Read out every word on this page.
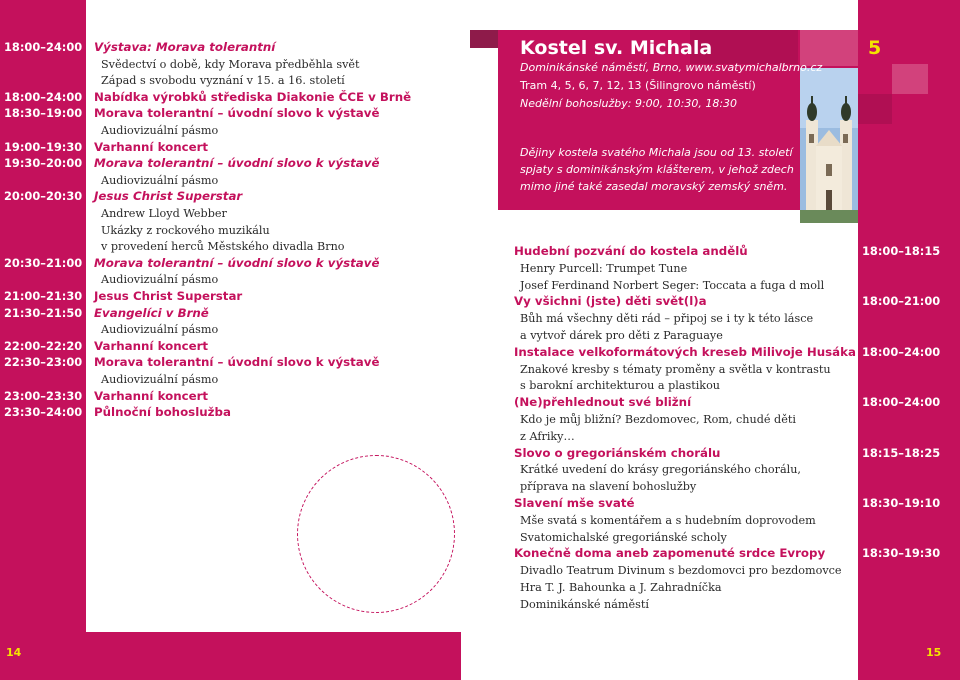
Kostel sv. Michala
Dominikánské náměstí, Brno, www.svatymichalbrno.cz
Tram 4, 5, 6, 7, 12, 13 (Šilingrovo náměstí)
Nedělní bohoslužby: 9:00, 10:30, 18:30
Dějiny kostela svatého Michala jsou od 13. století
spjaty s dominikánským klášterem, v jehož zdech
mimo jiné také zasedal moravský zemský sněm.
5
18:00–24:00 Výstava: Morava tolerantní
Svědectví o době, kdy Morava předběhla svět
Západ s svobodu vyznání v 15. a 16. století
18:00–24:00 Nabídka výrobků střediska Diakonie ČCE v Brně
18:30–19:00 Morava tolerantní – úvodní slovo k výstavě
Audiovizuální pásmo
19:00–19:30 Varhanní koncert
19:30–20:00 Morava tolerantní – úvodní slovo k výstavě
Audiovizuální pásmo
20:00–20:30 Jesus Christ Superstar
Andrew Lloyd Webber
Ukázky z rockového muzikálu
v provedení herců Městského divadla Brno
20:30–21:00 Morava tolerantní – úvodní slovo k výstavě
Audiovizuální pásmo
21:00–21:30 Jesus Christ Superstar
21:30–21:50 Evangelíci v Brně
Audiovizuální pásmo
22:00–22:20 Varhanní koncert
22:30–23:00 Morava tolerantní – úvodní slovo k výstavě
Audiovizuální pásmo
23:00–23:30 Varhanní koncert
23:30–24:00 Půlnoční bohoslužba
18:00–18:15
Hudební pozvání do kostela andělů
Henry Purcell: Trumpet Tune
Josef Ferdinand Norbert Seger: Toccata a fuga d moll
18:00–21:00
Vy všichni (jste) děti svět(l)a
Bůh má všechny děti rád – připoj se i ty k této lásce
a vytvoř dárek pro děti z Paraguaye
18:00–24:00
Instalace velkoformátových kreseb Milivoje Husáka
Znakové kresby s tématy proměny a světla v kontrastu
s barokní architekturou a plastikou
18:00–24:00
(Ne)přehlednout své bližní
Kdo je můj bližní? Bezdomovec, Rom, chudé děti
z Afriky…
18:15–18:25
Slovo o gregoriánském chorálu
Krátké uvedení do krásy gregoriánského chorálu,
příprava na slavení bohoslužby
18:30–19:10
Slavení mše svaté
Mše svatá s komentářem a s hudebním doprovodem
Svatomichalské gregoriánské scholy
18:30–19:30
Konečně doma aneb zapomenuté srdce Evropy
Divadlo Teatrum Divinum s bezdomovci pro bezdomovce
Hra T. J. Bahounka a J. Zahradníčka
Dominikánské náměstí
14	15
